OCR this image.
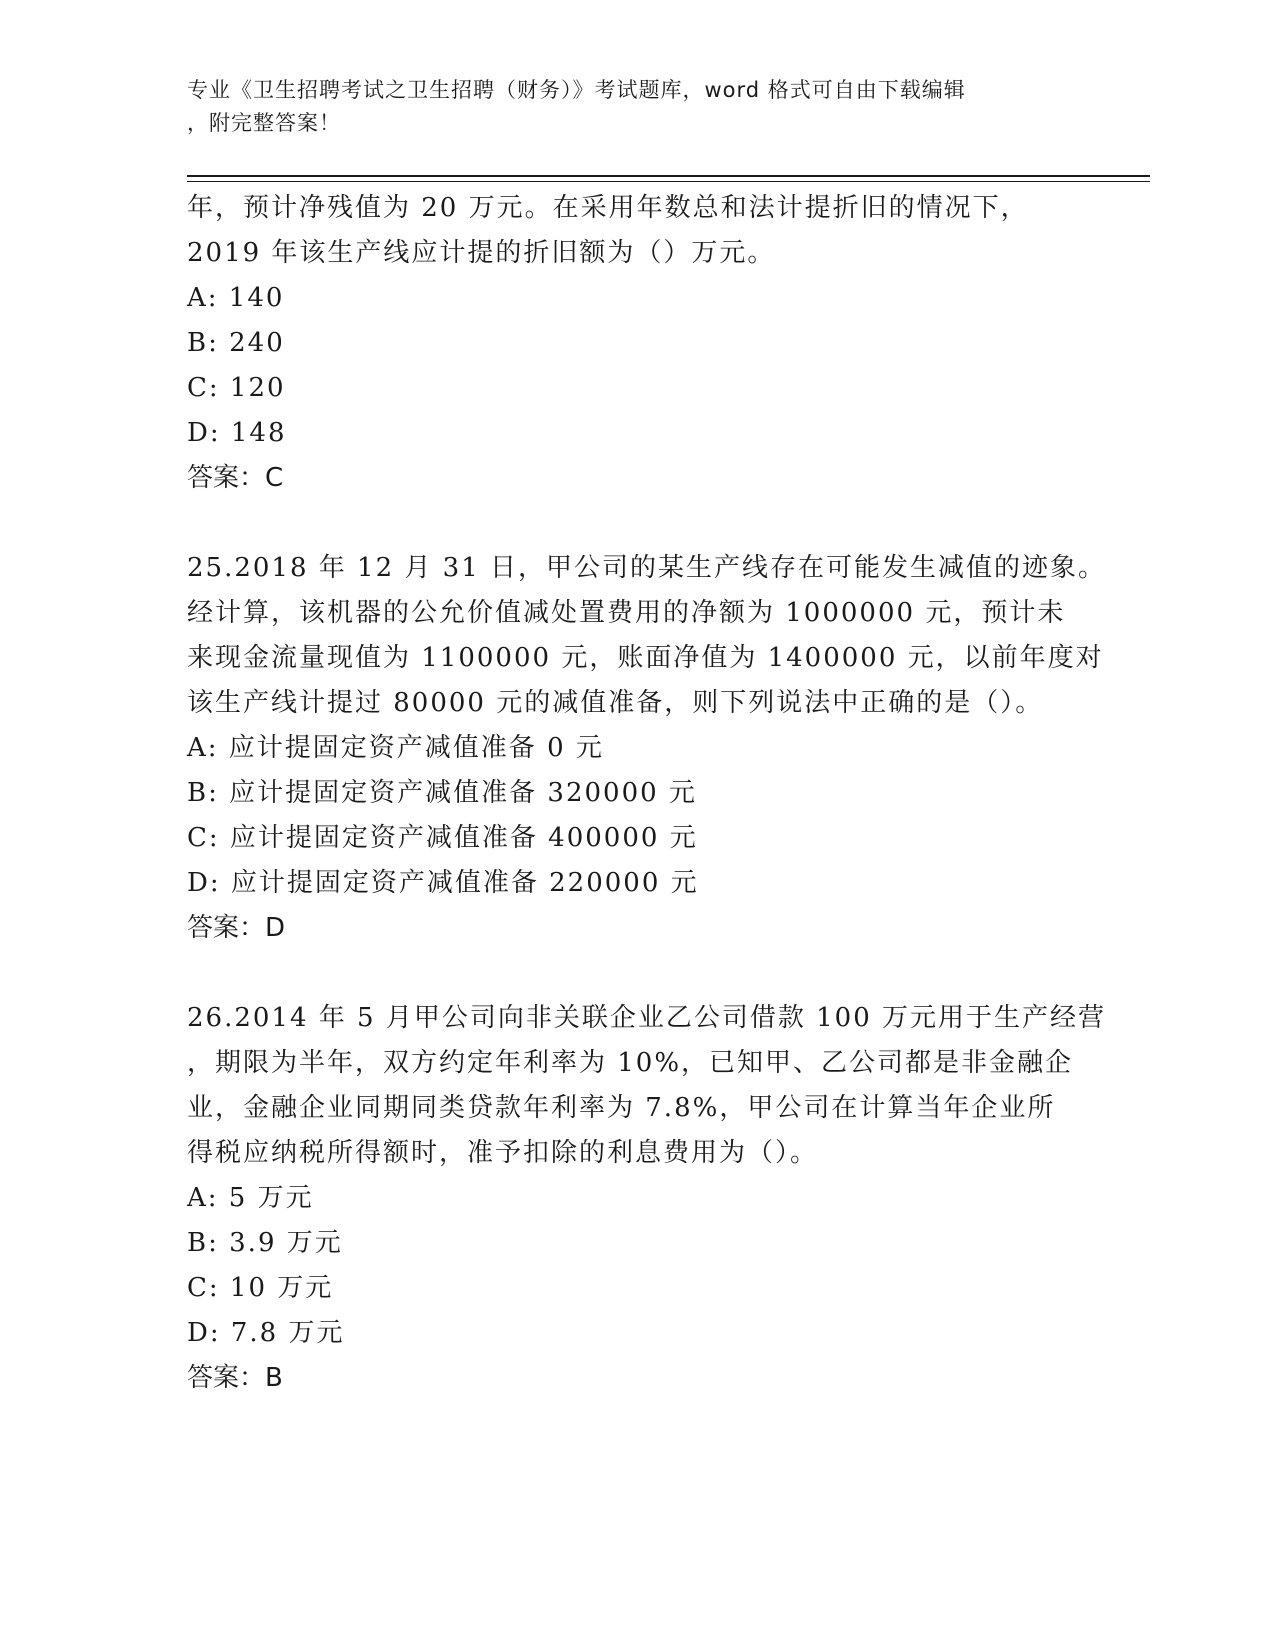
专业《卫生招聘考试之卫生招聘（财务）》考试题库，word 格式可自由下载编辑
，附完整答案！
年，预计净残值为 20 万元。在采用年数总和法计提折旧的情况下，
2019 年该生产线应计提的折旧额为（）万元。
A: 140
B: 240
C: 120
D: 148
答案：C
25.2018 年 12 月 31 日，甲公司的某生产线存在可能发生减值的迹象。
经计算，该机器的公允价值减处置费用的净额为 1000000 元，预计未
来现金流量现值为 1100000 元，账面净值为 1400000 元，以前年度对
该生产线计提过 80000 元的减值准备，则下列说法中正确的是（）。
A: 应计提固定资产减值准备 0 元
B: 应计提固定资产减值准备 320000 元
C: 应计提固定资产减值准备 400000 元
D: 应计提固定资产减值准备 220000 元
答案：D
26.2014 年 5 月甲公司向非关联企业乙公司借款 100 万元用于生产经营
，期限为半年，双方约定年利率为 10%，已知甲、乙公司都是非金融企
业，金融企业同期同类贷款年利率为 7.8%，甲公司在计算当年企业所
得税应纳税所得额时，准予扣除的利息费用为（）。
A: 5 万元
B: 3.9 万元
C: 10 万元
D: 7.8 万元
答案：B
